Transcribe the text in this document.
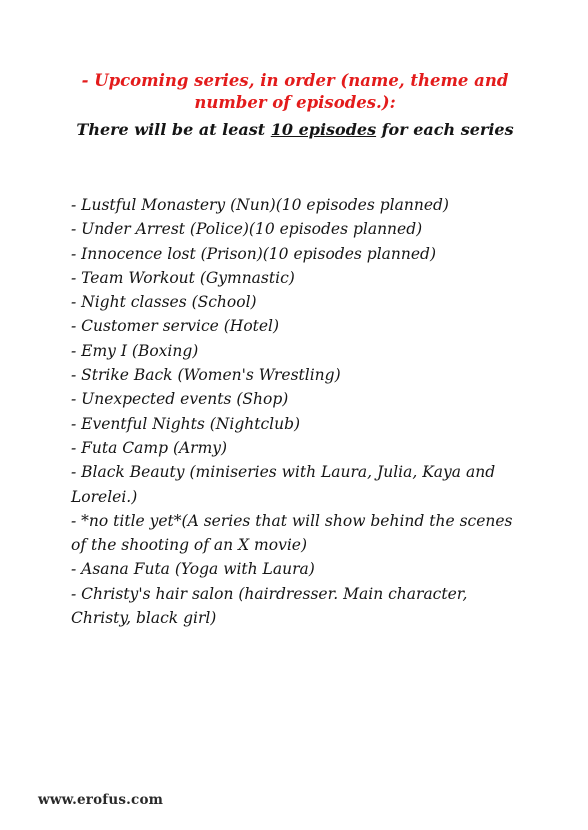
- Upcoming series, in order (name, theme and number of episodes.):
There will be at least 10 episodes for each series
- Lustful Monastery (Nun)(10 episodes planned)
- Under Arrest (Police)(10 episodes planned)
- Innocence lost (Prison)(10 episodes planned)
- Team Workout (Gymnastic)
- Night classes (School)
- Customer service (Hotel)
- Emy I (Boxing)
- Strike Back (Women's Wrestling)
- Unexpected events (Shop)
- Eventful Nights (Nightclub)
- Futa Camp (Army)
- Black Beauty (miniseries with Laura, Julia, Kaya and Lorelei.)
- *no title yet*(A series that will show behind the scenes of the shooting of an X movie)
- Asana Futa (Yoga with Laura)
- Christy's hair salon (hairdresser. Main character, Christy, black girl)
www.erofus.com
